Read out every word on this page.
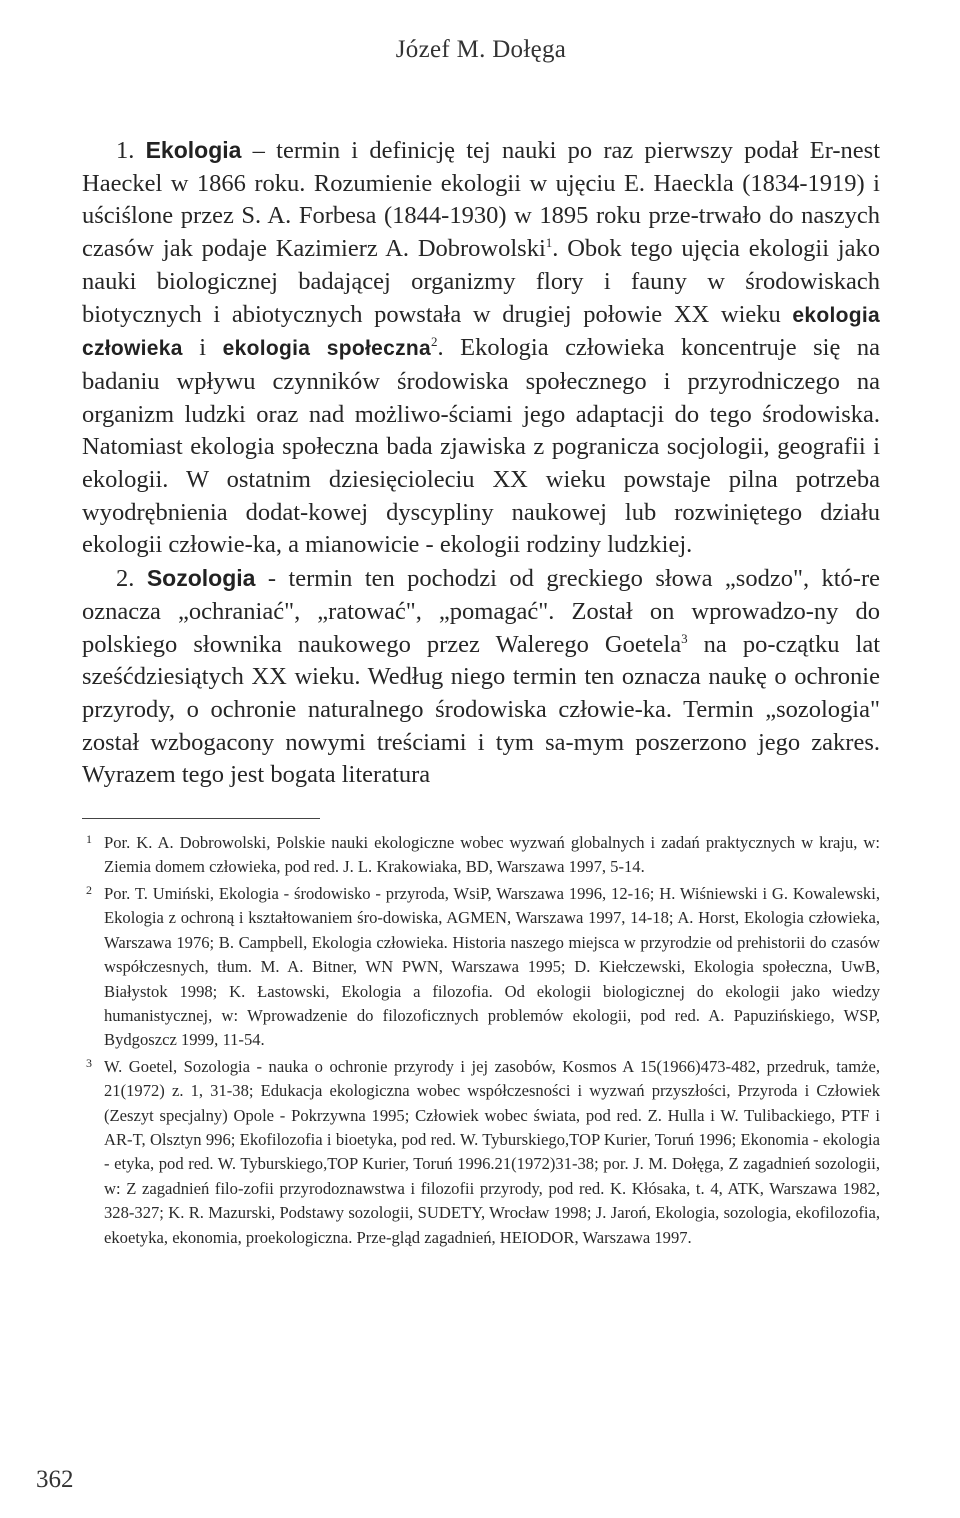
Józef M. Dołęga

1. Ekologia – termin i definicję tej nauki po raz pierwszy podał Er-nest Haeckel w 1866 roku. Rozumienie ekologii w ujęciu E. Haeckla (1834-1919) i uściślone przez S. A. Forbesa (1844-1930) w 1895 roku prze-trwało do naszych czasów jak podaje Kazimierz A. Dobrowolski$^1$. Obok tego ujęcia ekologii jako nauki biologicznej badającej organizmy flory i fauny w środowiskach biotycznych i abiotycznych powstała w drugiej połowie XX wieku ekologia człowieka i ekologia społeczna$^2$. Ekologia człowieka koncentruje się na badaniu wpływu czynników środowiska społecznego i przyrodniczego na organizm ludzki oraz nad możliwo-ściami jego adaptacji do tego środowiska. Natomiast ekologia społeczna bada zjawiska z pogranicza socjologii, geografii i ekologii. W ostatnim dziesięcioleciu XX wieku powstaje pilna potrzeba wyodrębnienia dodat-kowej dyscypliny naukowej lub rozwiniętego działu ekologii człowie-ka, a mianowicie - ekologii rodziny ludzkiej.

2. Sozologia - termin ten pochodzi od greckiego słowa „sodzo", któ-re oznacza „ochraniać", „ratować", „pomagać". Został on wprowadzo-ny do polskiego słownika naukowego przez Walerego Goetela$^3$ na po-czątku lat sześćdziesiątych XX wieku. Według niego termin ten oznacza naukę o ochronie przyrody, o ochronie naturalnego środowiska człowie-ka. Termin „sozologia" został wzbogacony nowymi treściami i tym sa-mym poszerzono jego zakres. Wyrazem tego jest bogata literatura

1 Por. K. A. Dobrowolski, Polskie nauki ekologiczne wobec wyzwań globalnych i zadań praktycznych w kraju, w: Ziemia domem człowieka, pod red. J. L. Krakowiaka, BD, Warszawa 1997, 5-14.
2 Por. T. Umiński, Ekologia - środowisko - przyroda, WsiP, Warszawa 1996, 12-16; H. Wiśniewski i G. Kowalewski, Ekologia z ochroną i kształtowaniem śro-dowiska, AGMEN, Warszawa 1997, 14-18; A. Horst, Ekologia człowieka, Warszawa 1976; B. Campbell, Ekologia człowieka. Historia naszego miejsca w przyrodzie od prehistorii do czasów współczesnych, tłum. M. A. Bitner, WN PWN, Warszawa 1995; D. Kiełczewski, Ekologia społeczna, UwB, Białystok 1998; K. Łastowski, Ekologia a filozofia. Od ekologii biologicznej do ekologii jako wiedzy humanistycznej, w: Wprowadzenie do filozoficznych problemów ekologii, pod red. A. Papuzińskiego, WSP, Bydgoszcz 1999, 11-54.
3 W. Goetel, Sozologia - nauka o ochronie przyrody i jej zasobów, Kosmos A 15(1966)473-482, przedruk, tamże, 21(1972) z. 1, 31-38; Edukacja ekologiczna wobec współczesności i wyzwań przyszłości, Przyroda i Człowiek (Zeszyt specjalny) Opole - Pokrzywna 1995; Człowiek wobec świata, pod red. Z. Hulla i W. Tulibackiego, PTF i AR-T, Olsztyn 996; Ekofilozofia i bioetyka, pod red. W. Tyburskiego,TOP Kurier, Toruń 1996; Ekonomia - ekologia - etyka, pod red. W. Tyburskiego,TOP Kurier, Toruń 1996.21(1972)31-38; por. J. M. Dołęga, Z zagadnień sozologii, w: Z zagadnień filo-zofii przyrodoznawstwa i filozofii przyrody, pod red. K. Kłósaka, t. 4, ATK, Warszawa 1982, 328-327; K. R. Mazurski, Podstawy sozologii, SUDETY, Wrocław 1998; J. Jaroń, Ekologia, sozologia, ekofilozofia, ekoetyka, ekonomia, proekologiczna. Prze-gląd zagadnień, HEIODOR, Warszawa 1997.
362
